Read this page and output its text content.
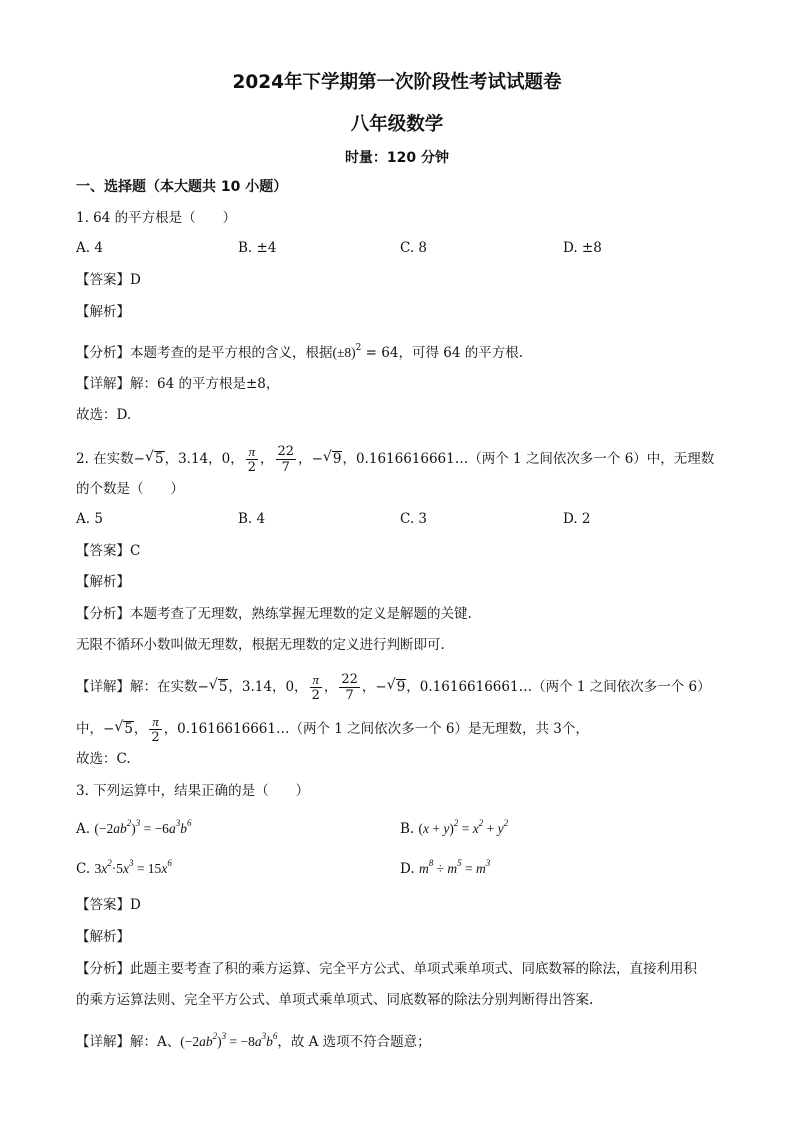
2024年下学期第一次阶段性考试试题卷
八年级数学
时量：120 分钟
一、选择题（本大题共 10 小题）
1. 64 的平方根是（　　）
A. 4	B. ±4	C. 8	D. ±8
【答案】D
【解析】
【分析】本题考查的是平方根的含义，根据$(\pm 8)^2 = 64$，可得 64 的平方根.
【详解】解：64 的平方根是±8，
故选：D.
2. 在实数− √ 5，3.14，0， $\frac{\pi}{2}$ ， $\frac{22}{7}$ ，− √ 9，0.1616616661…（两个 1 之间依次多一个 6）中，无理数
的个数是（　　）
A. 5	B. 4	C. 3	D. 2
【答案】C
【解析】
【分析】本题考查了无理数，熟练掌握无理数的定义是解题的关键.
无限不循环小数叫做无理数，根据无理数的定义进行判断即可.
【详解】解：在实数− √ 5，3.14，0， $\frac{\pi}{2}$ ， $\frac{22}{7}$ ，− √ 9，0.1616616661…（两个 1 之间依次多一个 6）
中，− √ 5， $\frac{\pi}{2}$ ，0.1616616661…（两个 1 之间依次多一个 6）是无理数，共 3个，
故选：C.
3. 下列运算中，结果正确的是（　　）
A. $(-2ab^2)^3 = -6a^3b^6$	B. $(x + y)^2 = x^2 + y^2$
C. $3x^2\cdot 5x^3 = 15x^6$	D. $m^8 \div m^5 = m^3$
【答案】D
【解析】
【分析】此题主要考查了积的乘方运算、完全平方公式、单项式乘单项式、同底数幂的除法，直接利用积
的乘方运算法则、完全平方公式、单项式乘单项式、同底数幂的除法分别判断得出答案.
【详解】解：A、$(-2ab^2)^3 = -8a^3b^6$，故 A 选项不符合题意；
